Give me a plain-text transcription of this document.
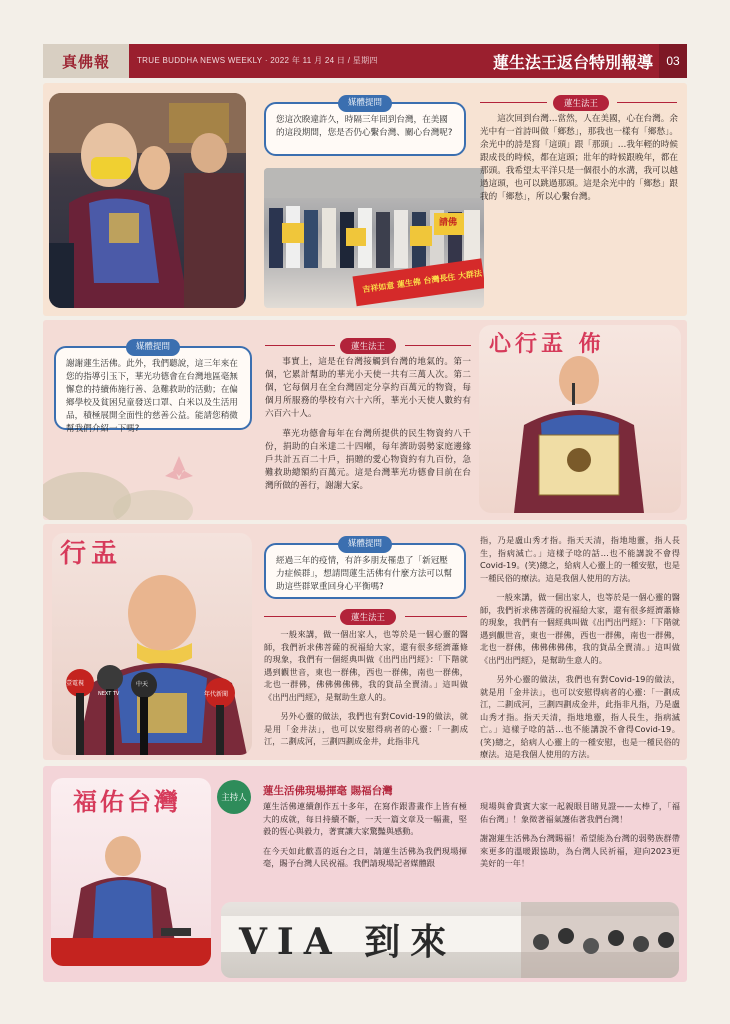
真佛報	TRUE BUDDHA NEWS WEEKLY · 2022 年 11 月 24 日 / 星期四	蓮生法王返台特別報導	03
媒體提問
您這次睽違許久，時隔三年回到台灣，在美國的這段期間，您是否仍心繫台灣、關心台灣呢?
請佛
吉祥如意 蓮生佛 台灣長住 大群法
蓮生法王

這次回到台灣…當然，人在美國，心在台灣。余光中有一首詩叫做「鄉愁」，那我也一樣有「鄉愁」。余光中的詩是寫「這頭」跟「那頭」…我年輕的時候跟成長的時候，都在這頭；壯年的時候跟晚年，都在那頭。我希望太平洋只是一個很小的水溝，我可以越過這頭，也可以跳過那頭。這是余光中的「鄉愁」跟我的「鄉愁」，所以心繫台灣。

媒體提問
謝謝蓮生活佛。此外，我們聽說，這三年來在您的指導引玉下，華光功德會在台灣地區毫無懈怠的持續佈施行善、急難救助的活動；在偏鄉學校及貧困兒童發送口罩、白米以及生活用品，積極展開全面性的慈善公益。能請您稍微幫我們介紹一下嗎?
蓮生法王

事實上，這是在台灣接觸到台灣的地氣的。第一個，它累計幫助的華光小天使一共有三萬人次。第二個，它每個月在全台灣固定分享約百萬元的物資，每個月所服務的學校有六十六所，華光小天使人數約有六百六十人。

華光功德會每年在台灣所提供的民生物資約八千份，捐助的白米達二十四噸，每年濟助弱勢家庭邊緣戶共計五百二十戶，捐贈的愛心物資約有九百份，急難救助總額約百萬元。這是台灣華光功德會目前在台灣所做的善行，謝謝大家。

心行盂 佈
行盂
壹電視
NEXT TV
中天
年代新聞
媒體提問
經過三年的疫情，有許多朋友罹患了「新冠壓力症候群」，想請問蓮生活佛有什麼方法可以幫助這些群眾重回身心平衡嗎?
蓮生法王

一般來講，做一個出家人，也等於是一個心靈的醫師，我們祈求佛菩薩的祝福給大家，還有很多經濟蕭條的現象，我們有一個經典叫做《出門出門經》：「下階就遇到觀世音，東也一群佛，西也一群佛，南也一群佛，北也一群佛，佛佛佛佛佛，我的貨品全賣清。」這叫做《出門出門經》，是幫助生意人的。

另外心靈的做法，我們也有對Covid-19的做法，就是用「金井法」，也可以安慰得病者的心靈：「一劃成江，二劃成河，三劃四劃成金井，此指非凡

指，乃是盧山秀才指。指天天清，指地地靈，指人長生，指病滅亡。」這樣子唸的話…也不能講說不會得Covid-19。(笑)總之，給病人心靈上的一種安慰，也是一種民俗的療法。這是我個人使用的方法。

一般來講，做一個出家人，也等於是一個心靈的醫師，我們祈求佛菩薩的祝福給大家，還有很多經濟蕭條的現象，我們有一個經典叫做《出門出門經》：「下階就遇到觀世音，東也一群佛，西也一群佛，南也一群佛，北也一群佛，佛佛佛佛佛，我的貨品全賣清。」這叫做《出門出門經》，是幫助生意人的。

另外心靈的做法，我們也有對Covid-19的做法，就是用「金井法」，也可以安慰得病者的心靈：「一劃成江，二劃成河，三劃四劃成金井，此指非凡指，乃是盧山秀才指。指天天清，指地地靈，指人長生，指病滅亡。」這樣子唸的話…也不能講說不會得Covid-19。(笑)總之，給病人心靈上的一種安慰，也是一種民俗的療法。這是我個人使用的方法。

福佑台灣	主持人
蓮生活佛現場揮毫 賜福台灣

蓮生活佛連續創作五十多年，在寫作跟書畫作上皆有極大的成就，每日持續不斷，一天一篇文章及一幅畫，堅毅的恆心與毅力，著實讓大家驚豔與感動。

在今天如此歡喜的返台之日，請蓮生活佛為我們現場揮毫，賜予台灣人民祝福。我們請現場記者媒體跟

現場與會貴賓大家一起親眼目睹見證——太棒了，「福佑台灣」！象徵著福氣護佑著我們台灣！

謝謝蓮生活佛為台灣賜福！希望能為台灣的弱勢族群帶來更多的溫暖跟協助，為台灣人民祈福，迎向2023更美好的一年！

VIA 到來
